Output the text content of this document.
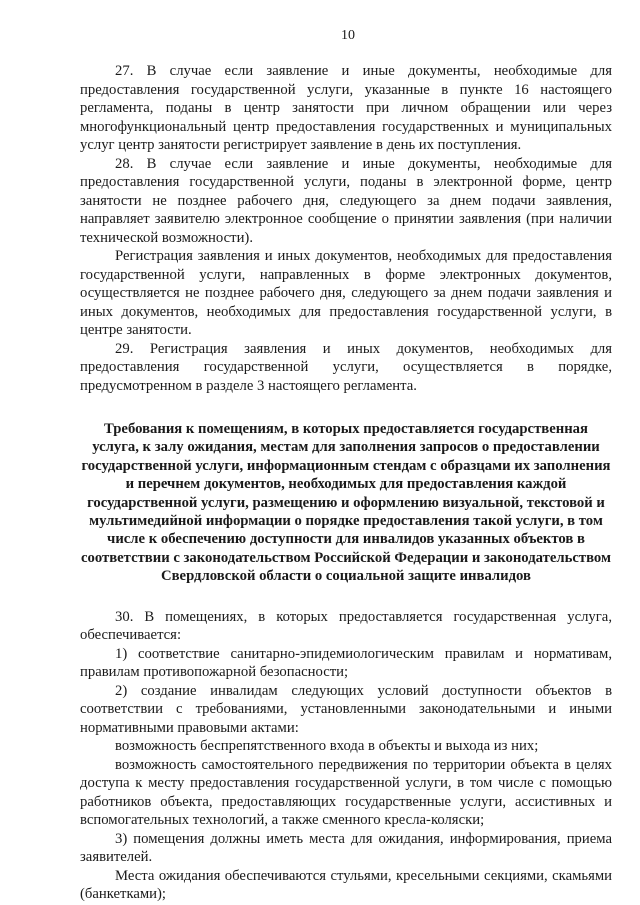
10

27. В случае если заявление и иные документы, необходимые для предоставления государственной услуги, указанные в пункте 16 настоящего регламента, поданы в центр занятости при личном обращении или через многофункциональный центр предоставления государственных и муниципальных услуг центр занятости регистрирует заявление в день их поступления.

28. В случае если заявление и иные документы, необходимые для предоставления государственной услуги, поданы в электронной форме, центр занятости не позднее рабочего дня, следующего за днем подачи заявления, направляет заявителю электронное сообщение о принятии заявления (при наличии технической возможности).

Регистрация заявления и иных документов, необходимых для предоставления государственной услуги, направленных в форме электронных документов, осуществляется не позднее рабочего дня, следующего за днем подачи заявления и иных документов, необходимых для предоставления государственной услуги, в центре занятости.

29. Регистрация заявления и иных документов, необходимых для предоставления государственной услуги, осуществляется в порядке, предусмотренном в разделе 3 настоящего регламента.

Требования к помещениям, в которых предоставляется государственная услуга, к залу ожидания, местам для заполнения запросов о предоставлении государственной услуги, информационным стендам с образцами их заполнения и перечнем документов, необходимых для предоставления каждой государственной услуги, размещению и оформлению визуальной, текстовой и мультимедийной информации о порядке предоставления такой услуги, в том числе к обеспечению доступности для инвалидов указанных объектов в соответствии с законодательством Российской Федерации и законодательством Свердловской области о социальной защите инвалидов

30. В помещениях, в которых предоставляется государственная услуга, обеспечивается:

1) соответствие санитарно-эпидемиологическим правилам и нормативам, правилам противопожарной безопасности;

2) создание инвалидам следующих условий доступности объектов в соответствии с требованиями, установленными законодательными и иными нормативными правовыми актами:

возможность беспрепятственного входа в объекты и выхода из них;

возможность самостоятельного передвижения по территории объекта в целях доступа к месту предоставления государственной услуги, в том числе с помощью работников объекта, предоставляющих государственные услуги, ассистивных и вспомогательных технологий, а также сменного кресла-коляски;

3) помещения должны иметь места для ожидания, информирования, приема заявителей.

Места ожидания обеспечиваются стульями, кресельными секциями, скамьями (банкетками);
